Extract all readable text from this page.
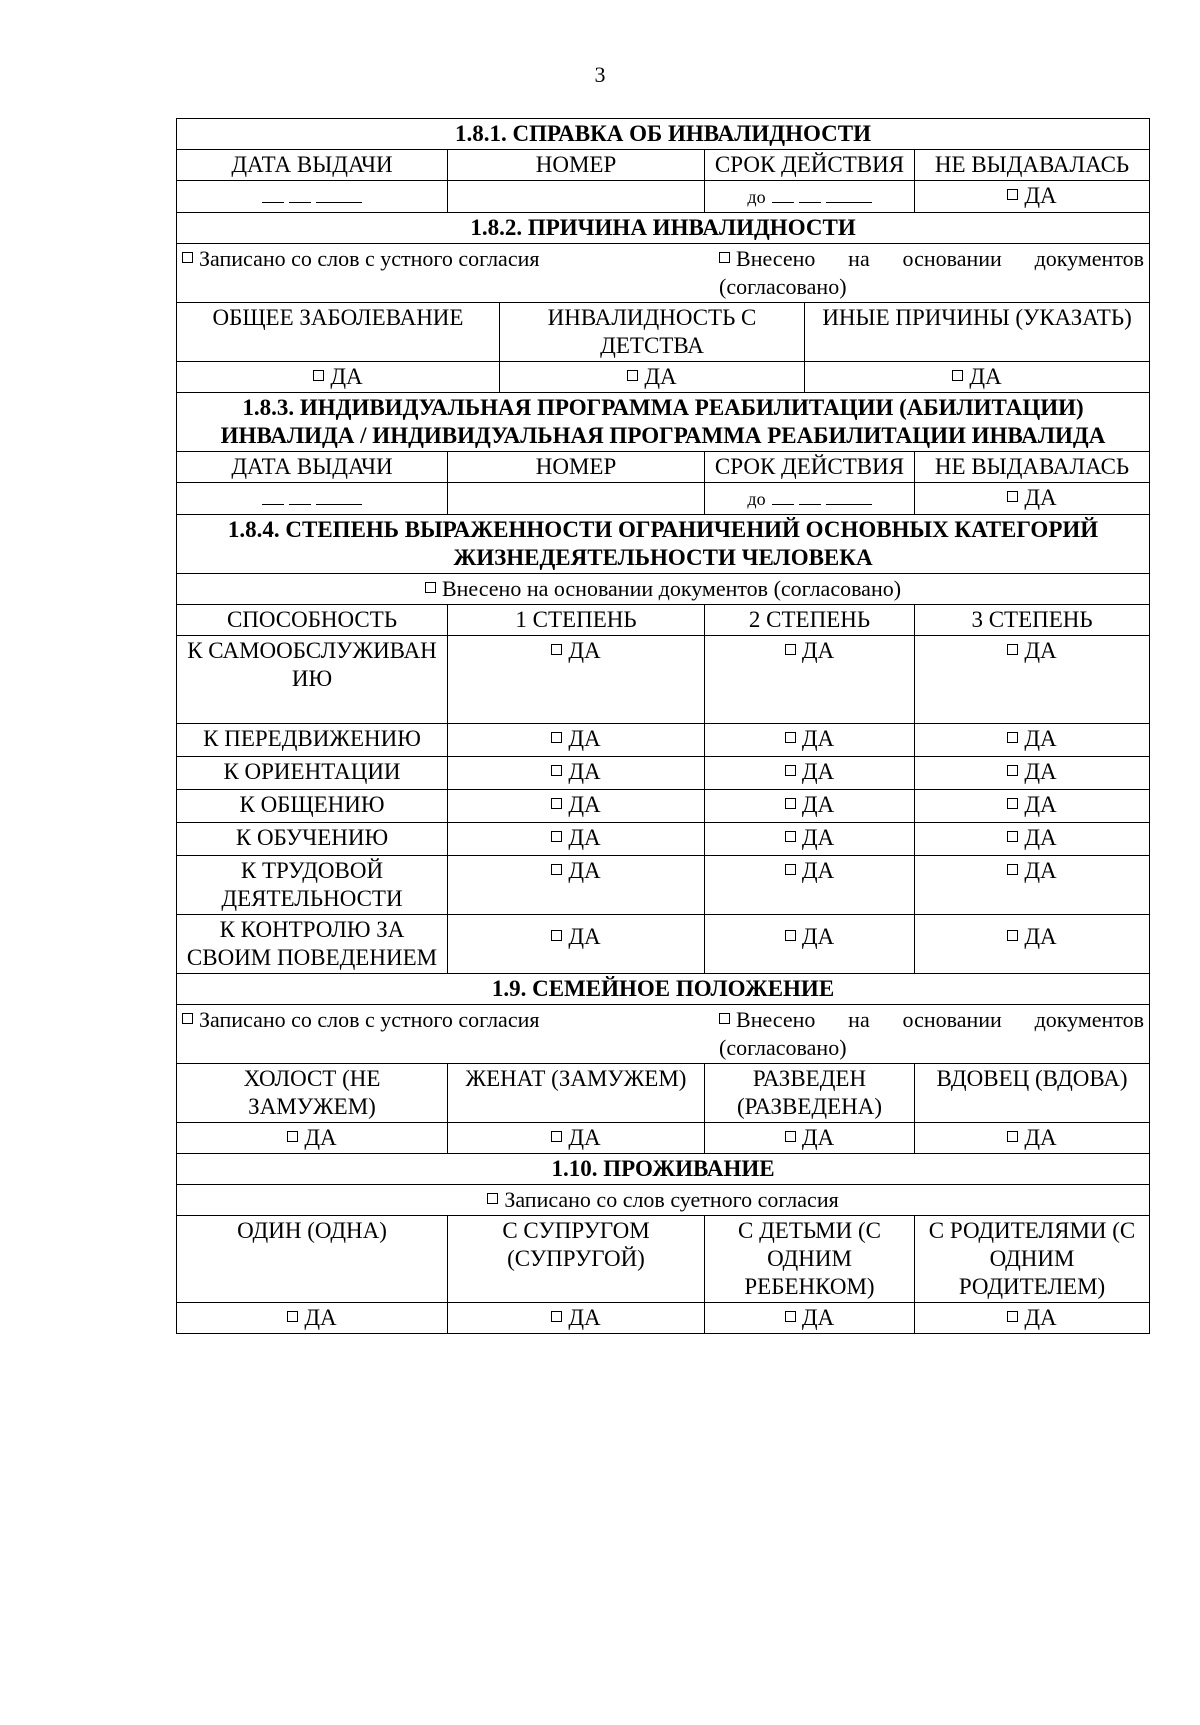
3
1.8.1. СПРАВКА ОБ ИНВАЛИДНОСТИ					
ДАТА ВЫДАЧИ	НОМЕР		СРОК ДЕЙСТВИЯ		НЕ ВЫДАВАЛАСЬ
			до		ДА
1.8.2. ПРИЧИНА ИНВАЛИДНОСТИ					

Записано со слов с устного согласия Внесено на основании документов
(согласовано)					

ОБЩЕЕ ЗАБОЛЕВАНИЕ		ИНВАЛИДНОСТЬ С ДЕТСТВА		ИНЫЕ ПРИЧИНЫ (УКАЗАТЬ)	
ДА		ДА		ДА	
1.8.3. ИНДИВИДУАЛЬНАЯ ПРОГРАММА РЕАБИЛИТАЦИИ (АБИЛИТАЦИИ) ИНВАЛИДА / ИНДИВИДУАЛЬНАЯ ПРОГРАММА РЕАБИЛИТАЦИИ ИНВАЛИДА					
ДАТА ВЫДАЧИ	НОМЕР		СРОК ДЕЙСТВИЯ		НЕ ВЫДАВАЛАСЬ
			до		ДА
1.8.4. СТЕПЕНЬ ВЫРАЖЕННОСТИ ОГРАНИЧЕНИЙ ОСНОВНЫХ КАТЕГОРИЙ ЖИЗНЕДЕЯТЕЛЬНОСТИ ЧЕЛОВЕКА					
Внесено на основании документов (согласовано)					
СПОСОБНОСТЬ	1 СТЕПЕНЬ		2 СТЕПЕНЬ		3 СТЕПЕНЬ
К САМООБСЛУЖИВАН ИЮ	ДА		ДА		ДА
К ПЕРЕДВИЖЕНИЮ	ДА		ДА		ДА
К ОРИЕНТАЦИИ	ДА		ДА		ДА
К ОБЩЕНИЮ	ДА		ДА		ДА
К ОБУЧЕНИЮ	ДА		ДА		ДА
К ТРУДОВОЙ ДЕЯТЕЛЬНОСТИ	ДА		ДА		ДА
К КОНТРОЛЮ ЗА СВОИМ ПОВЕДЕНИЕМ	ДА		ДА		ДА
1.9. СЕМЕЙНОЕ ПОЛОЖЕНИЕ					

Записано со слов с устного согласия Внесено на основании документов
(согласовано)					

ХОЛОСТ (НЕ ЗАМУЖЕМ)	ЖЕНАТ (ЗАМУЖЕМ)		РАЗВЕДЕН (РАЗВЕДЕНА)		ВДОВЕЦ (ВДОВА)
ДА	ДА		ДА		ДА
1.10. ПРОЖИВАНИЕ					
Записано со слов суетного согласия					
ОДИН (ОДНА)	С СУПРУГОМ (СУПРУГОЙ)		С ДЕТЬМИ (С ОДНИМ РЕБЕНКОМ)		С РОДИТЕЛЯМИ (С ОДНИМ РОДИТЕЛЕМ)
ДА	ДА		ДА		ДА
